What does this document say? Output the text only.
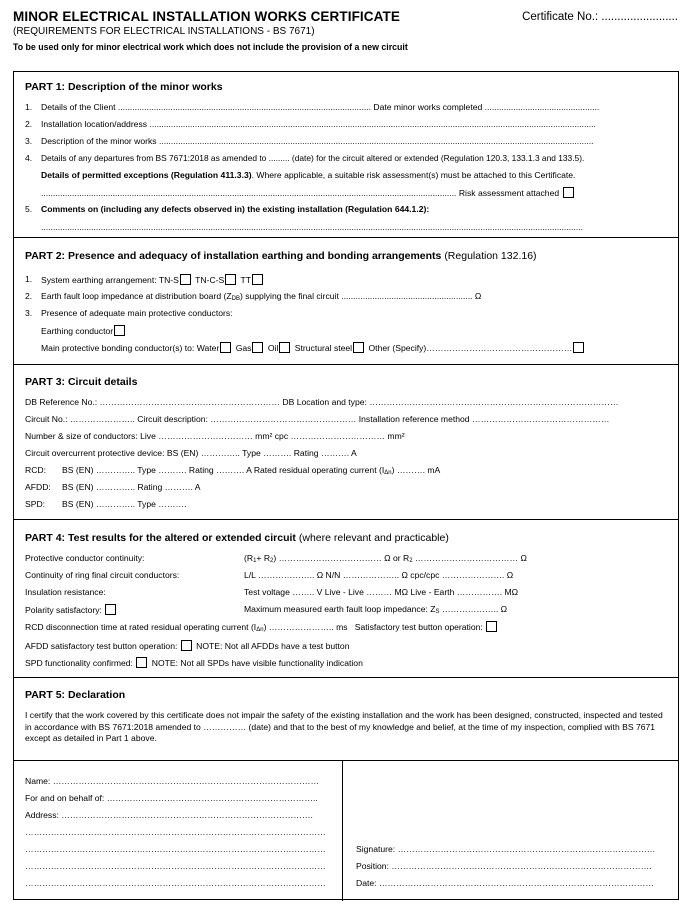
MINOR ELECTRICAL INSTALLATION WORKS CERTIFICATE	Certificate No.: ........................
(REQUIREMENTS FOR ELECTRICAL INSTALLATIONS - BS 7671)
To be used only for minor electrical work which does not include the provision of a new circuit
PART 1: Description of the minor works
1. Details of the Client .......................................................................................................... Date minor works completed ................................................
2. Installation location/address ...........................................................................................................................................................................................
3. Description of the minor works ......................................................................................................................................................................................
4. Details of any departures from BS 7671:2018 as amended to ......... (date) for the circuit altered or extended (Regulation 120.3, 133.1.3 and 133.5).
Details of permitted exceptions (Regulation 411.3.3). Where applicable, a suitable risk assessment(s) must be attached to this Certificate.
.............................................................................................................................................................................. Risk assessment attached
5. Comments on (including any defects observed in) the existing installation (Regulation 644.1.2):
...................................................................................................................................................................................................................................
PART 2: Presence and adequacy of installation earthing and bonding arrangements (Regulation 132.16)
1. System earthing arrangement: TN-S TN-C-S TT
2. Earth fault loop impedance at distribution board (ZDB) supplying the final circuit ....................................................... Ω
3. Presence of adequate main protective conductors:
Earthing conductor
Main protective bonding conductor(s) to: Water Gas Oil Structural steel Other (Specify)……………………………………………
PART 3: Circuit details
DB Reference No.: ……………………………………………………… DB Location and type: ……………………………………………………………………………
Circuit No.: ………………….. Circuit description: …………………………………………… Installation reference method …………………………………………
Number & size of conductors: Live …………………………… mm² cpc …………………………… mm²
Circuit overcurrent protective device: BS (EN) ………….. Type ………. Rating ………. A
RCD: BS (EN) ………….. Type ………. Rating ………. A Rated residual operating current (IΔn) ………. mA
AFDD: BS (EN) ………….. Rating ………. A
SPD: BS (EN) ………….. Type ……….
PART 4: Test results for the altered or extended circuit (where relevant and practicable)
Protective conductor continuity:	(R1+ R2) ……………………………… Ω or R2 ……………………………… Ω
Continuity of ring final circuit conductors:	L/L ……………….. Ω N/N ……………….. Ω cpc/cpc …………………. Ω
Insulation resistance:	Test voltage …….. V Live - Live ……… MΩ Live - Earth ……………. MΩ
Polarity satisfactory:	Maximum measured earth fault loop impedance: ZS ……………….. Ω
RCD disconnection time at rated residual operating current (IΔn) ………………….. ms Satisfactory test button operation:
AFDD satisfactory test button operation: NOTE: Not all AFDDs have a test button
SPD functionality confirmed: NOTE: Not all SPDs have visible functionality indication
PART 5: Declaration
I certify that the work covered by this certificate does not impair the safety of the existing installation and the work has been designed, constructed, inspected and tested in accordance with BS 7671:2018 amended to …………… (date) and that to the best of my knowledge and belief, at the time of my inspection, complied with BS 7671 except as detailed in Part 1 above.
Name: …………………………………………………………………………………
For and on behalf of: ………………………………………………………………..
Address: …………………………………………………………………………….
……………………………………………………………………………………………
……………………………………………………………………………………………
……………………………………………………………………………………………
……………………………………………………………………………………………
Signature: ………………………………………………………………………………
Position: ……………………………………………………………………………….
Date: ……………………………………………………………………………………
